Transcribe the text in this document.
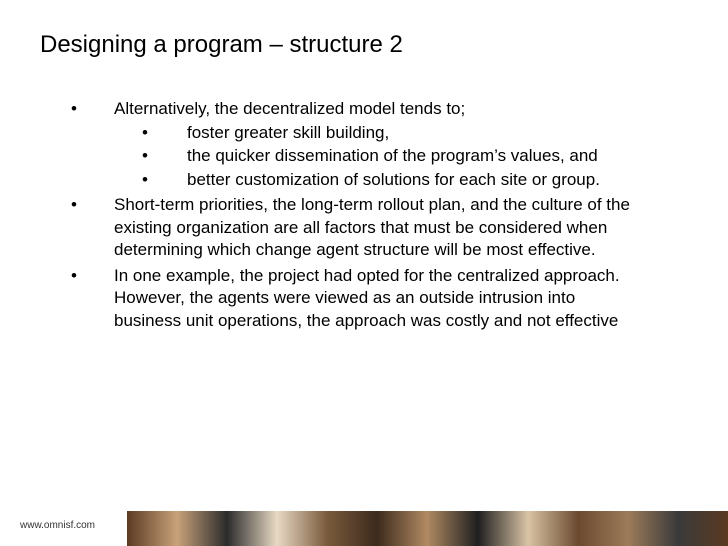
Designing a program – structure 2
• Alternatively, the decentralized model tends to;
• foster greater skill building,
• the quicker dissemination of the program’s values, and
• better customization of solutions for each site or group.
• Short-term priorities, the long-term rollout plan, and the culture of the existing organization are all factors that must be considered when determining which change agent structure will be most effective.
• In one example, the project had opted for the centralized approach. However, the agents were viewed as an outside intrusion into business unit operations, the approach was costly and not effective
www.omnisf.com
